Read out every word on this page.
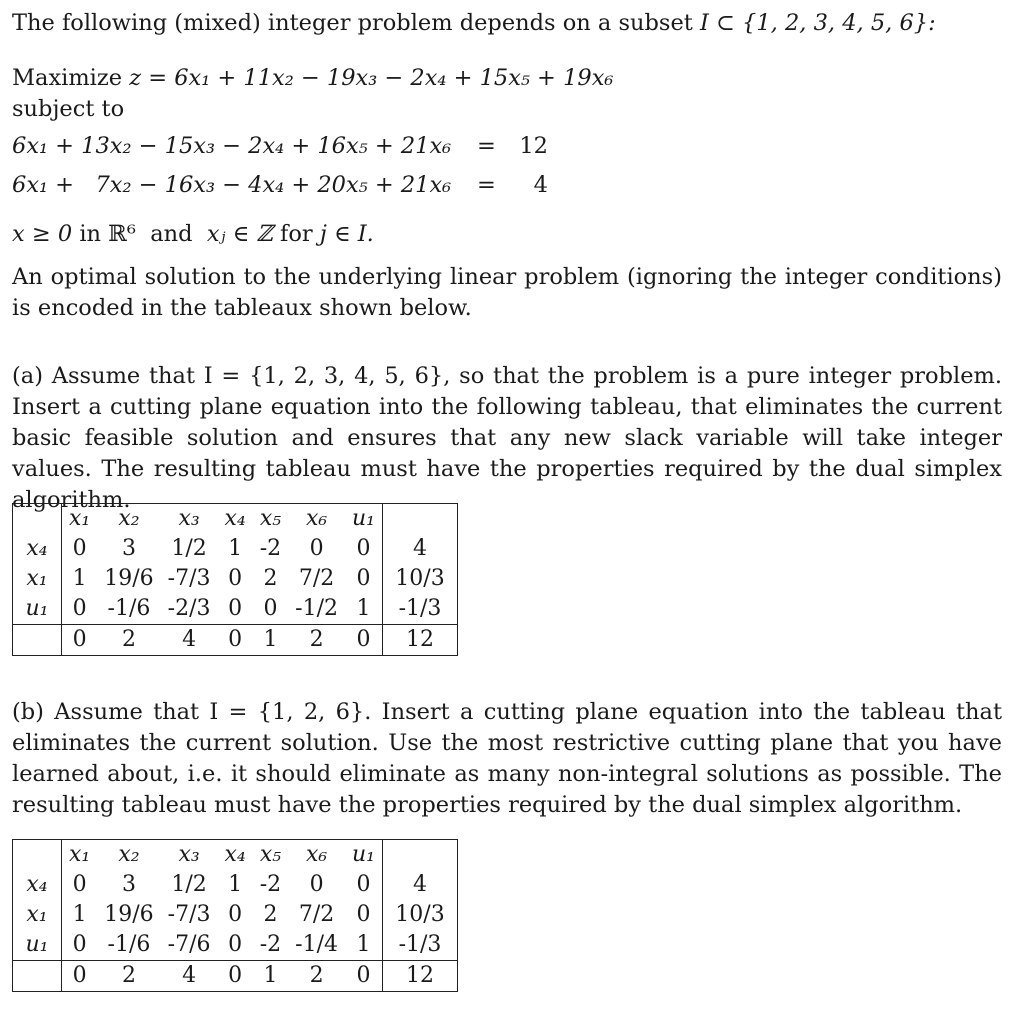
The following (mixed) integer problem depends on a subset I ⊂ {1, 2, 3, 4, 5, 6}:

Maximize z = 6x₁ + 11x₂ − 19x₃ − 2x₄ + 15x₅ + 19x₆

subject to

6x₁ + 13x₂ − 15x₃ − 2x₄ + 16x₅ + 21x₆ =	12
6x₁ +   7x₂ − 16x₃ − 4x₄ + 20x₅ + 21x₆ =	4

x ≥ 0 in ℝ⁶ and xⱼ ∈ ℤ for j ∈ I.

An optimal solution to the underlying linear problem (ignoring the integer conditions) is encoded in the tableaux shown below.

(a) Assume that I = {1, 2, 3, 4, 5, 6}, so that the problem is a pure integer problem. Insert a cutting plane equation into the following tableau, that eliminates the current basic feasible solution and ensures that any new slack variable will take integer values. The resulting tableau must have the properties required by the dual simplex algorithm.

	x₁	x₂	x₃	x₄	x₅	x₆	u₁	
x₄	0	3	1/2	1	-2	0	0	4
x₁	1	19/6	-7/3	0	2	7/2	0	10/3
u₁	0	-1/6	-2/3	0	0	-1/2	1	-1/3
	0	2	4	0	1	2	0	12

(b) Assume that I = {1, 2, 6}. Insert a cutting plane equation into the tableau that eliminates the current solution. Use the most restrictive cutting plane that you have learned about, i.e. it should eliminate as many non-integral solutions as possible. The resulting tableau must have the properties required by the dual simplex algorithm.

	x₁	x₂	x₃	x₄	x₅	x₆	u₁	
x₄	0	3	1/2	1	-2	0	0	4
x₁	1	19/6	-7/3	0	2	7/2	0	10/3
u₁	0	-1/6	-7/6	0	-2	-1/4	1	-1/3
	0	2	4	0	1	2	0	12
